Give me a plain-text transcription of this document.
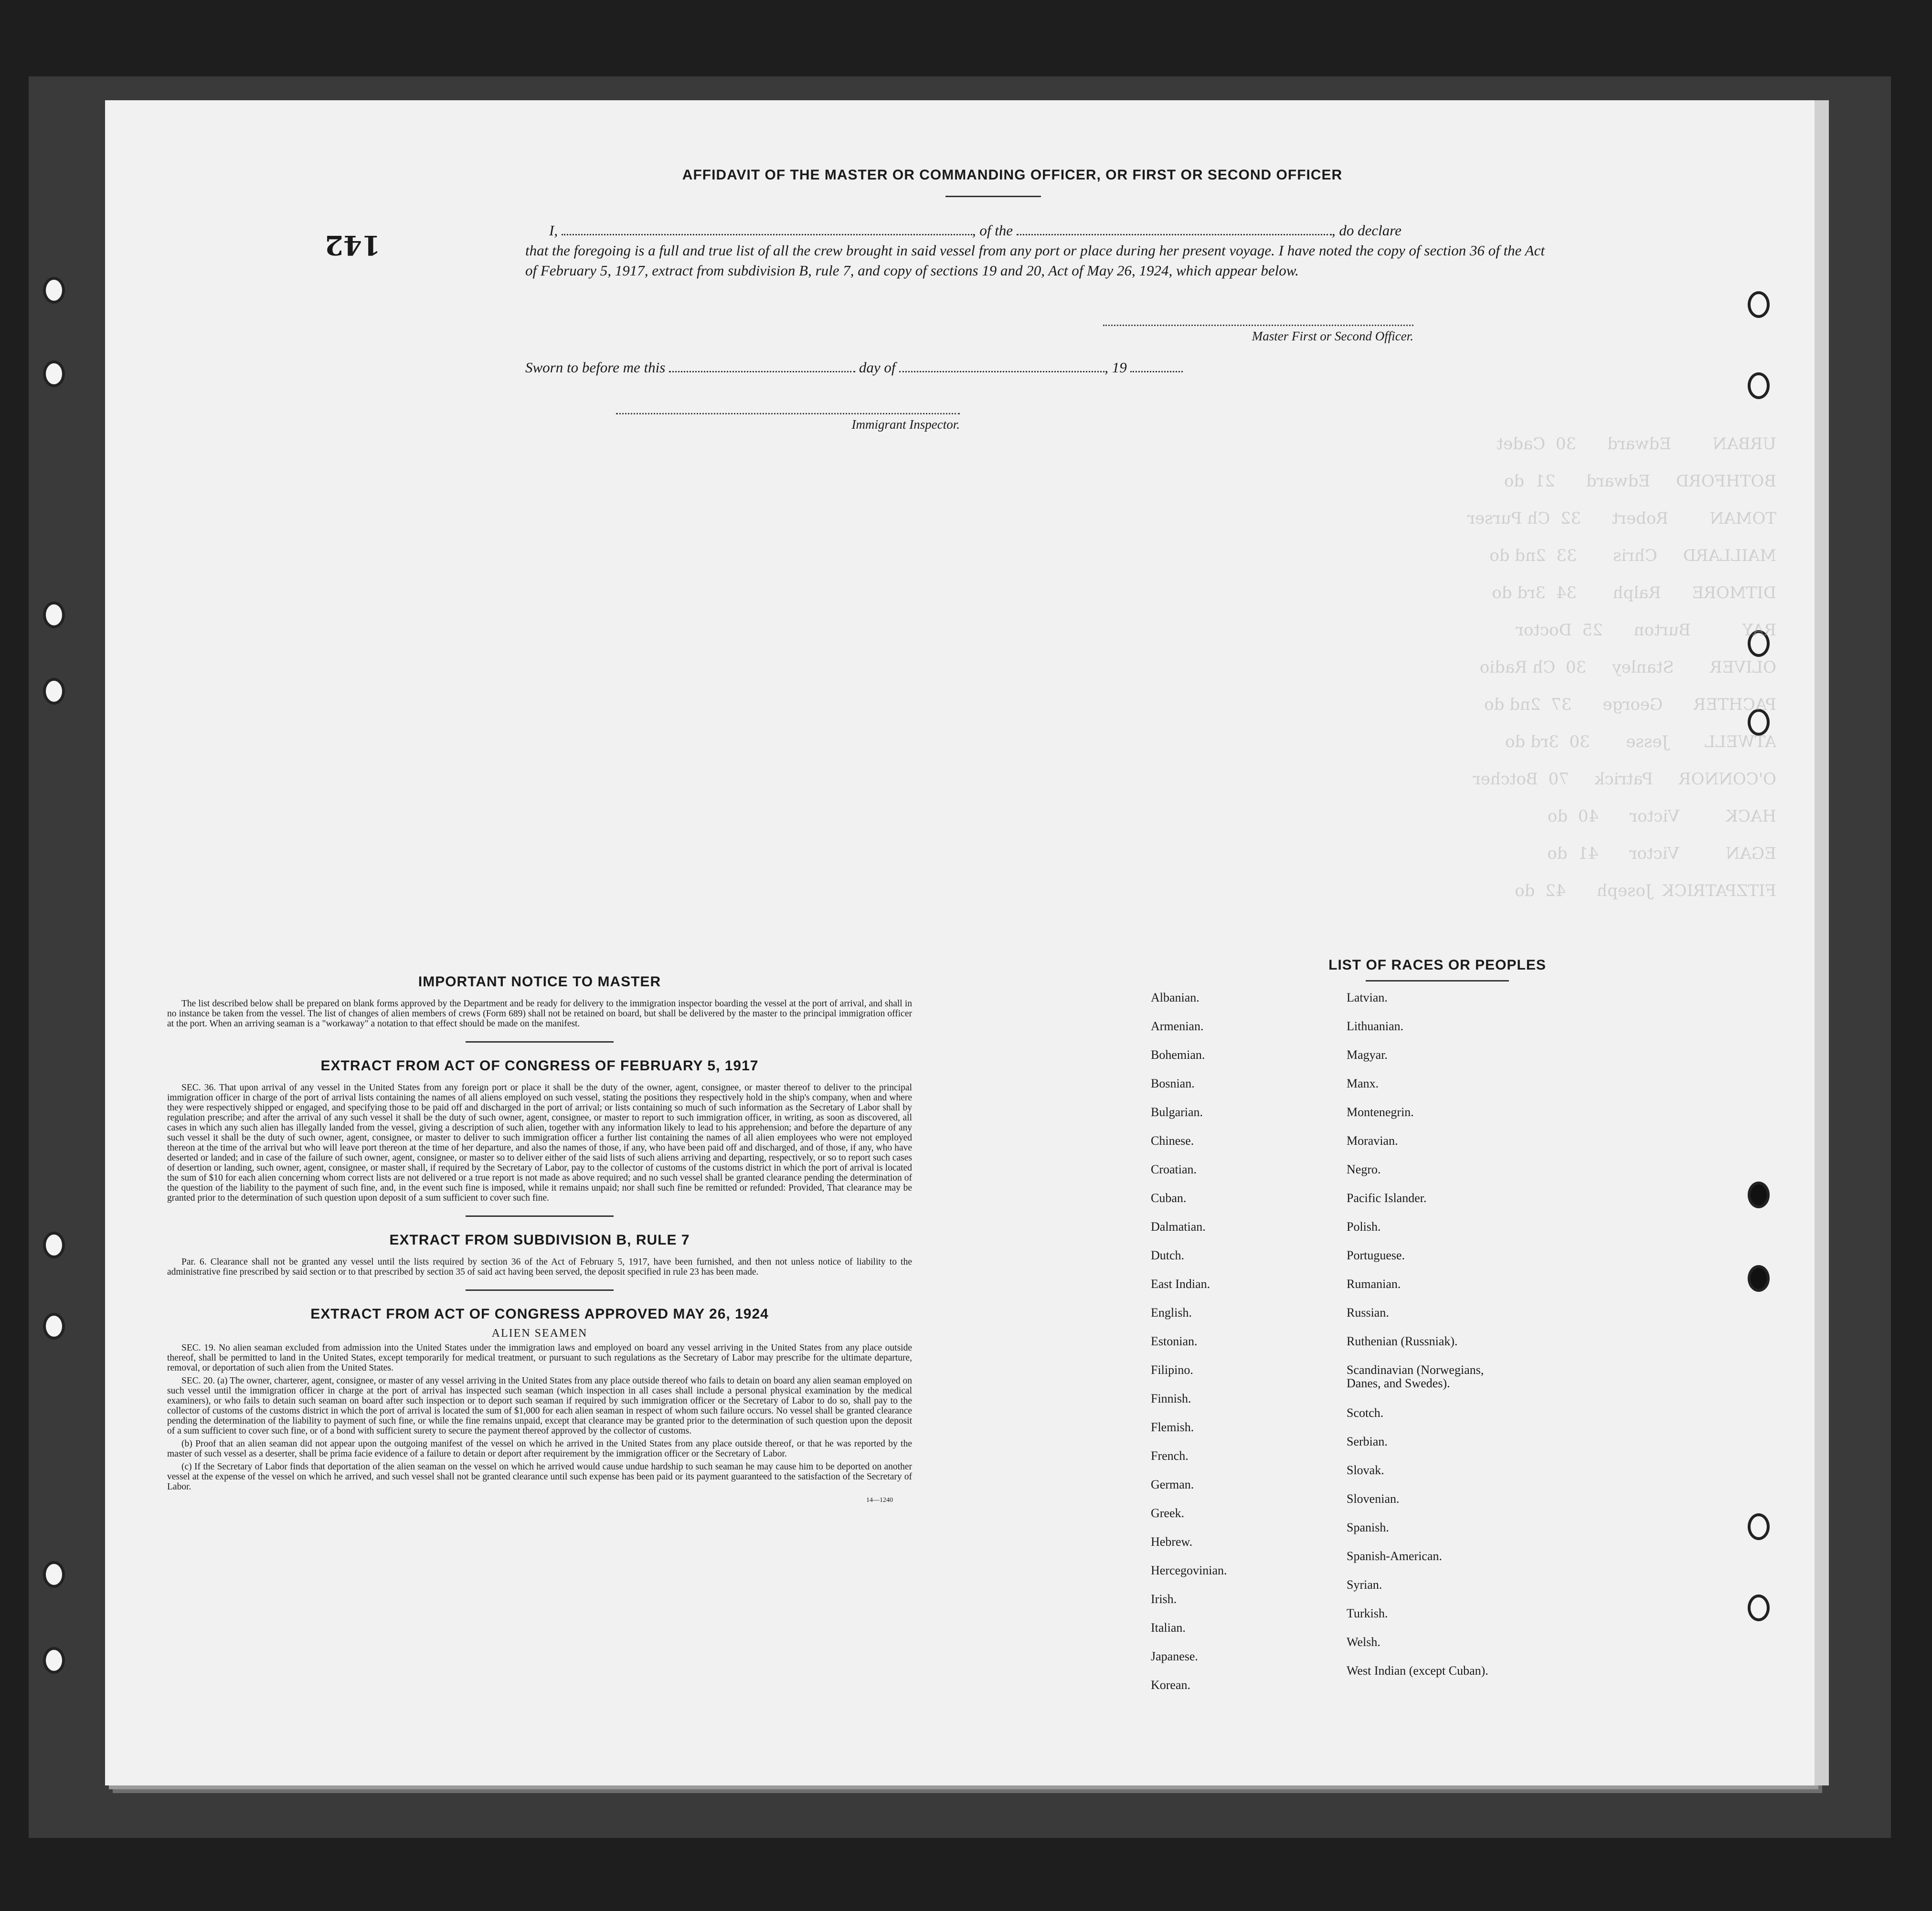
AFFIDAVIT OF THE MASTER OR COMMANDING OFFICER, OR FIRST OR SECOND OFFICER
142	I,	, of the	, do declare
that the foregoing is a full and true list of all the crew brought in said vessel from any port or place during her present voyage. I have noted the copy of section 36 of the Act of February 5, 1917, extract from subdivision B, rule 7, and copy of sections 19 and 20, Act of May 26, 1924, which appear below.
Master First or Second Officer.
Sworn to before me this	day of	, 19
Immigrant Inspector.
URBAN        Edward      30  Cadet
BOTHFORD     Edward      21  do
TOMAN        Robert      32  Ch Purser
MAILLARD     Chris       33  2nd do
DITMORE      Ralph       34  3rd do
RAY          Burton      25  Doctor
OLIVER       Stanley     30  Ch Radio
PACHTER      George      37  2nd do
ATWELL       Jesse       30  3rd do
O'CONNOR     Patrick     70  Botcher
HACK         Victor      40  do
EGAN         Victor      41  do
FITZPATRICK  Joseph      42  do
IMPORTANT NOTICE TO MASTER

The list described below shall be prepared on blank forms approved by the Department and be ready for delivery to the immigration inspector boarding the vessel at the port of arrival, and shall in no instance be taken from the vessel. The list of changes of alien members of crews (Form 689) shall not be retained on board, but shall be delivered by the master to the principal immigration officer at the port. When an arriving seaman is a "workaway" a notation to that effect should be made on the manifest.

EXTRACT FROM ACT OF CONGRESS OF FEBRUARY 5, 1917

SEC. 36. That upon arrival of any vessel in the United States from any foreign port or place it shall be the duty of the owner, agent, consignee, or master thereof to deliver to the principal immigration officer in charge of the port of arrival lists containing the names of all aliens employed on such vessel, stating the positions they respectively hold in the ship's company, when and where they were respectively shipped or engaged, and specifying those to be paid off and discharged in the port of arrival; or lists containing so much of such information as the Secretary of Labor shall by regulation prescribe; and after the arrival of any such vessel it shall be the duty of such owner, agent, consignee, or master to report to such immigration officer, in writing, as soon as discovered, all cases in which any such alien has illegally landed from the vessel, giving a description of such alien, together with any information likely to lead to his apprehension; and before the departure of any such vessel it shall be the duty of such owner, agent, consignee, or master to deliver to such immigration officer a further list containing the names of all alien employees who were not employed thereon at the time of the arrival but who will leave port thereon at the time of her departure, and also the names of those, if any, who have been paid off and discharged, and of those, if any, who have deserted or landed; and in case of the failure of such owner, agent, consignee, or master so to deliver either of the said lists of such aliens arriving and departing, respectively, or so to report such cases of desertion or landing, such owner, agent, consignee, or master shall, if required by the Secretary of Labor, pay to the collector of customs of the customs district in which the port of arrival is located the sum of $10 for each alien concerning whom correct lists are not delivered or a true report is not made as above required; and no such vessel shall be granted clearance pending the determination of the question of the liability to the payment of such fine, and, in the event such fine is imposed, while it remains unpaid; nor shall such fine be remitted or refunded: Provided, That clearance may be granted prior to the determination of such question upon deposit of a sum sufficient to cover such fine.

EXTRACT FROM SUBDIVISION B, RULE 7

Par. 6. Clearance shall not be granted any vessel until the lists required by section 36 of the Act of February 5, 1917, have been furnished, and then not unless notice of liability to the administrative fine prescribed by said section or to that prescribed by section 35 of said act having been served, the deposit specified in rule 23 has been made.

EXTRACT FROM ACT OF CONGRESS APPROVED MAY 26, 1924
ALIEN SEAMEN

SEC. 19. No alien seaman excluded from admission into the United States under the immigration laws and employed on board any vessel arriving in the United States from any place outside thereof, shall be permitted to land in the United States, except temporarily for medical treatment, or pursuant to such regulations as the Secretary of Labor may prescribe for the ultimate departure, removal, or deportation of such alien from the United States.

SEC. 20. (a) The owner, charterer, agent, consignee, or master of any vessel arriving in the United States from any place outside thereof who fails to detain on board any alien seaman employed on such vessel until the immigration officer in charge at the port of arrival has inspected such seaman (which inspection in all cases shall include a personal physical examination by the medical examiners), or who fails to detain such seaman on board after such inspection or to deport such seaman if required by such immigration officer or the Secretary of Labor to do so, shall pay to the collector of customs of the customs district in which the port of arrival is located the sum of $1,000 for each alien seaman in respect of whom such failure occurs. No vessel shall be granted clearance pending the determination of the liability to payment of such fine, or while the fine remains unpaid, except that clearance may be granted prior to the determination of such question upon the deposit of a sum sufficient to cover such fine, or of a bond with sufficient surety to secure the payment thereof approved by the collector of customs.

(b) Proof that an alien seaman did not appear upon the outgoing manifest of the vessel on which he arrived in the United States from any place outside thereof, or that he was reported by the master of such vessel as a deserter, shall be prima facie evidence of a failure to detain or deport after requirement by the immigration officer or the Secretary of Labor.

(c) If the Secretary of Labor finds that deportation of the alien seaman on the vessel on which he arrived would cause undue hardship to such seaman he may cause him to be deported on another vessel at the expense of the vessel on which he arrived, and such vessel shall not be granted clearance until such expense has been paid or its payment guaranteed to the satisfaction of the Secretary of Labor.

14—1240
LIST OF RACES OR PEOPLES
Albanian.
Armenian.
Bohemian.
Bosnian.
Bulgarian.
Chinese.
Croatian.
Cuban.
Dalmatian.
Dutch.
East Indian.
English.
Estonian.
Filipino.
Finnish.
Flemish.
French.
German.
Greek.
Hebrew.
Hercegovinian.
Irish.
Italian.
Japanese.
Korean.
Latvian.
Lithuanian.
Magyar.
Manx.
Montenegrin.
Moravian.
Negro.
Pacific Islander.
Polish.
Portuguese.
Rumanian.
Russian.
Ruthenian (Russniak).
Scandinavian (Norwegians,
Danes, and Swedes).
Scotch.
Serbian.
Slovak.
Slovenian.
Spanish.
Spanish-American.
Syrian.
Turkish.
Welsh.
West Indian (except Cuban).
